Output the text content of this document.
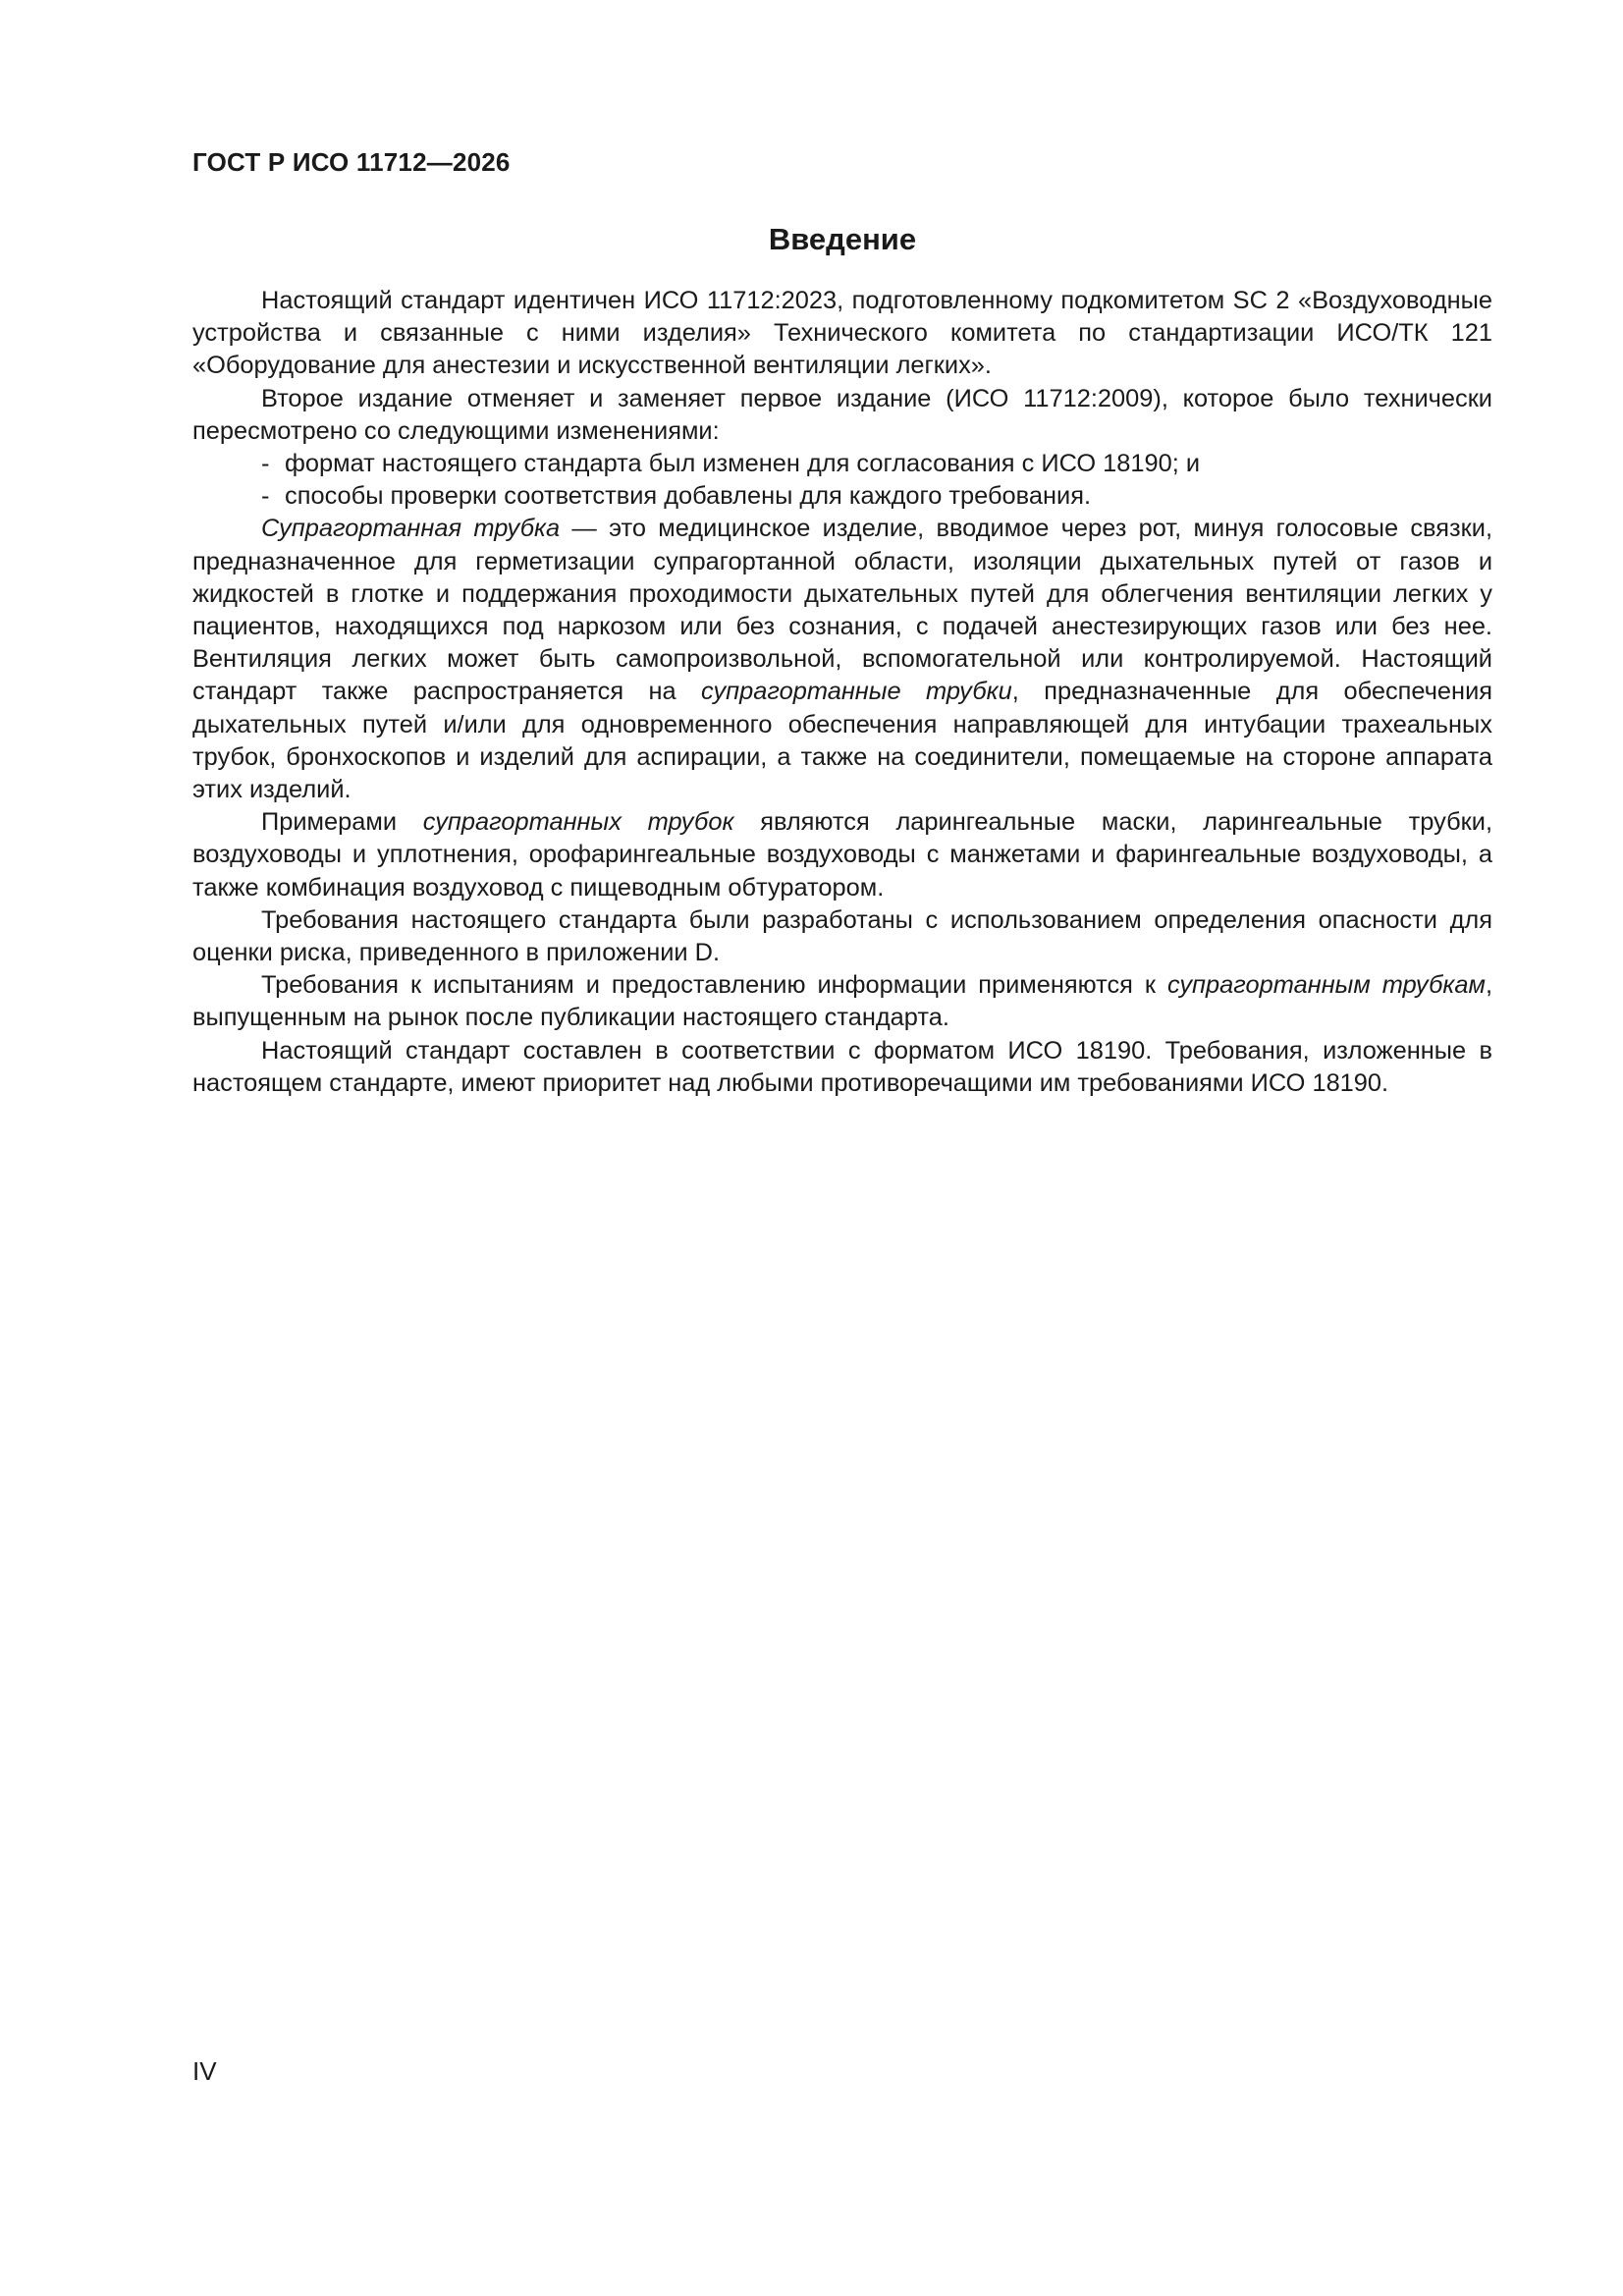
ГОСТ Р ИСО 11712—2026
Введение

Настоящий стандарт идентичен ИСО 11712:2023, подготовленному подкомитетом SC 2 «Воздуховодные устройства и связанные с ними изделия» Технического комитета по стандартизации ИСО/ТК 121 «Оборудование для анестезии и искусственной вентиляции легких».

Второе издание отменяет и заменяет первое издание (ИСО 11712:2009), которое было технически пересмотрено со следующими изменениями:

- формат настоящего стандарта был изменен для согласования с ИСО 18190; и

- способы проверки соответствия добавлены для каждого требования.

Супрагортанная трубка — это медицинское изделие, вводимое через рот, минуя голосовые связки, предназначенное для герметизации супрагортанной области, изоляции дыхательных путей от газов и жидкостей в глотке и поддержания проходимости дыхательных путей для облегчения вентиляции легких у пациентов, находящихся под наркозом или без сознания, с подачей анестезирующих газов или без нее. Вентиляция легких может быть самопроизвольной, вспомогательной или контролируемой. Настоящий стандарт также распространяется на супрагортанные трубки, предназначенные для обеспечения дыхательных путей и/или для одновременного обеспечения направляющей для интубации трахеальных трубок, бронхоскопов и изделий для аспирации, а также на соединители, помещаемые на стороне аппарата этих изделий.

Примерами супрагортанных трубок являются ларингеальные маски, ларингеальные трубки, воздуховоды и уплотнения, орофарингеальные воздуховоды с манжетами и фарингеальные воздуховоды, а также комбинация воздуховод с пищеводным обтуратором.

Требования настоящего стандарта были разработаны с использованием определения опасности для оценки риска, приведенного в приложении D.

Требования к испытаниям и предоставлению информации применяются к супрагортанным трубкам, выпущенным на рынок после публикации настоящего стандарта.

Настоящий стандарт составлен в соответствии с форматом ИСО 18190. Требования, изложенные в настоящем стандарте, имеют приоритет над любыми противоречащими им требованиями ИСО 18190.

IV
